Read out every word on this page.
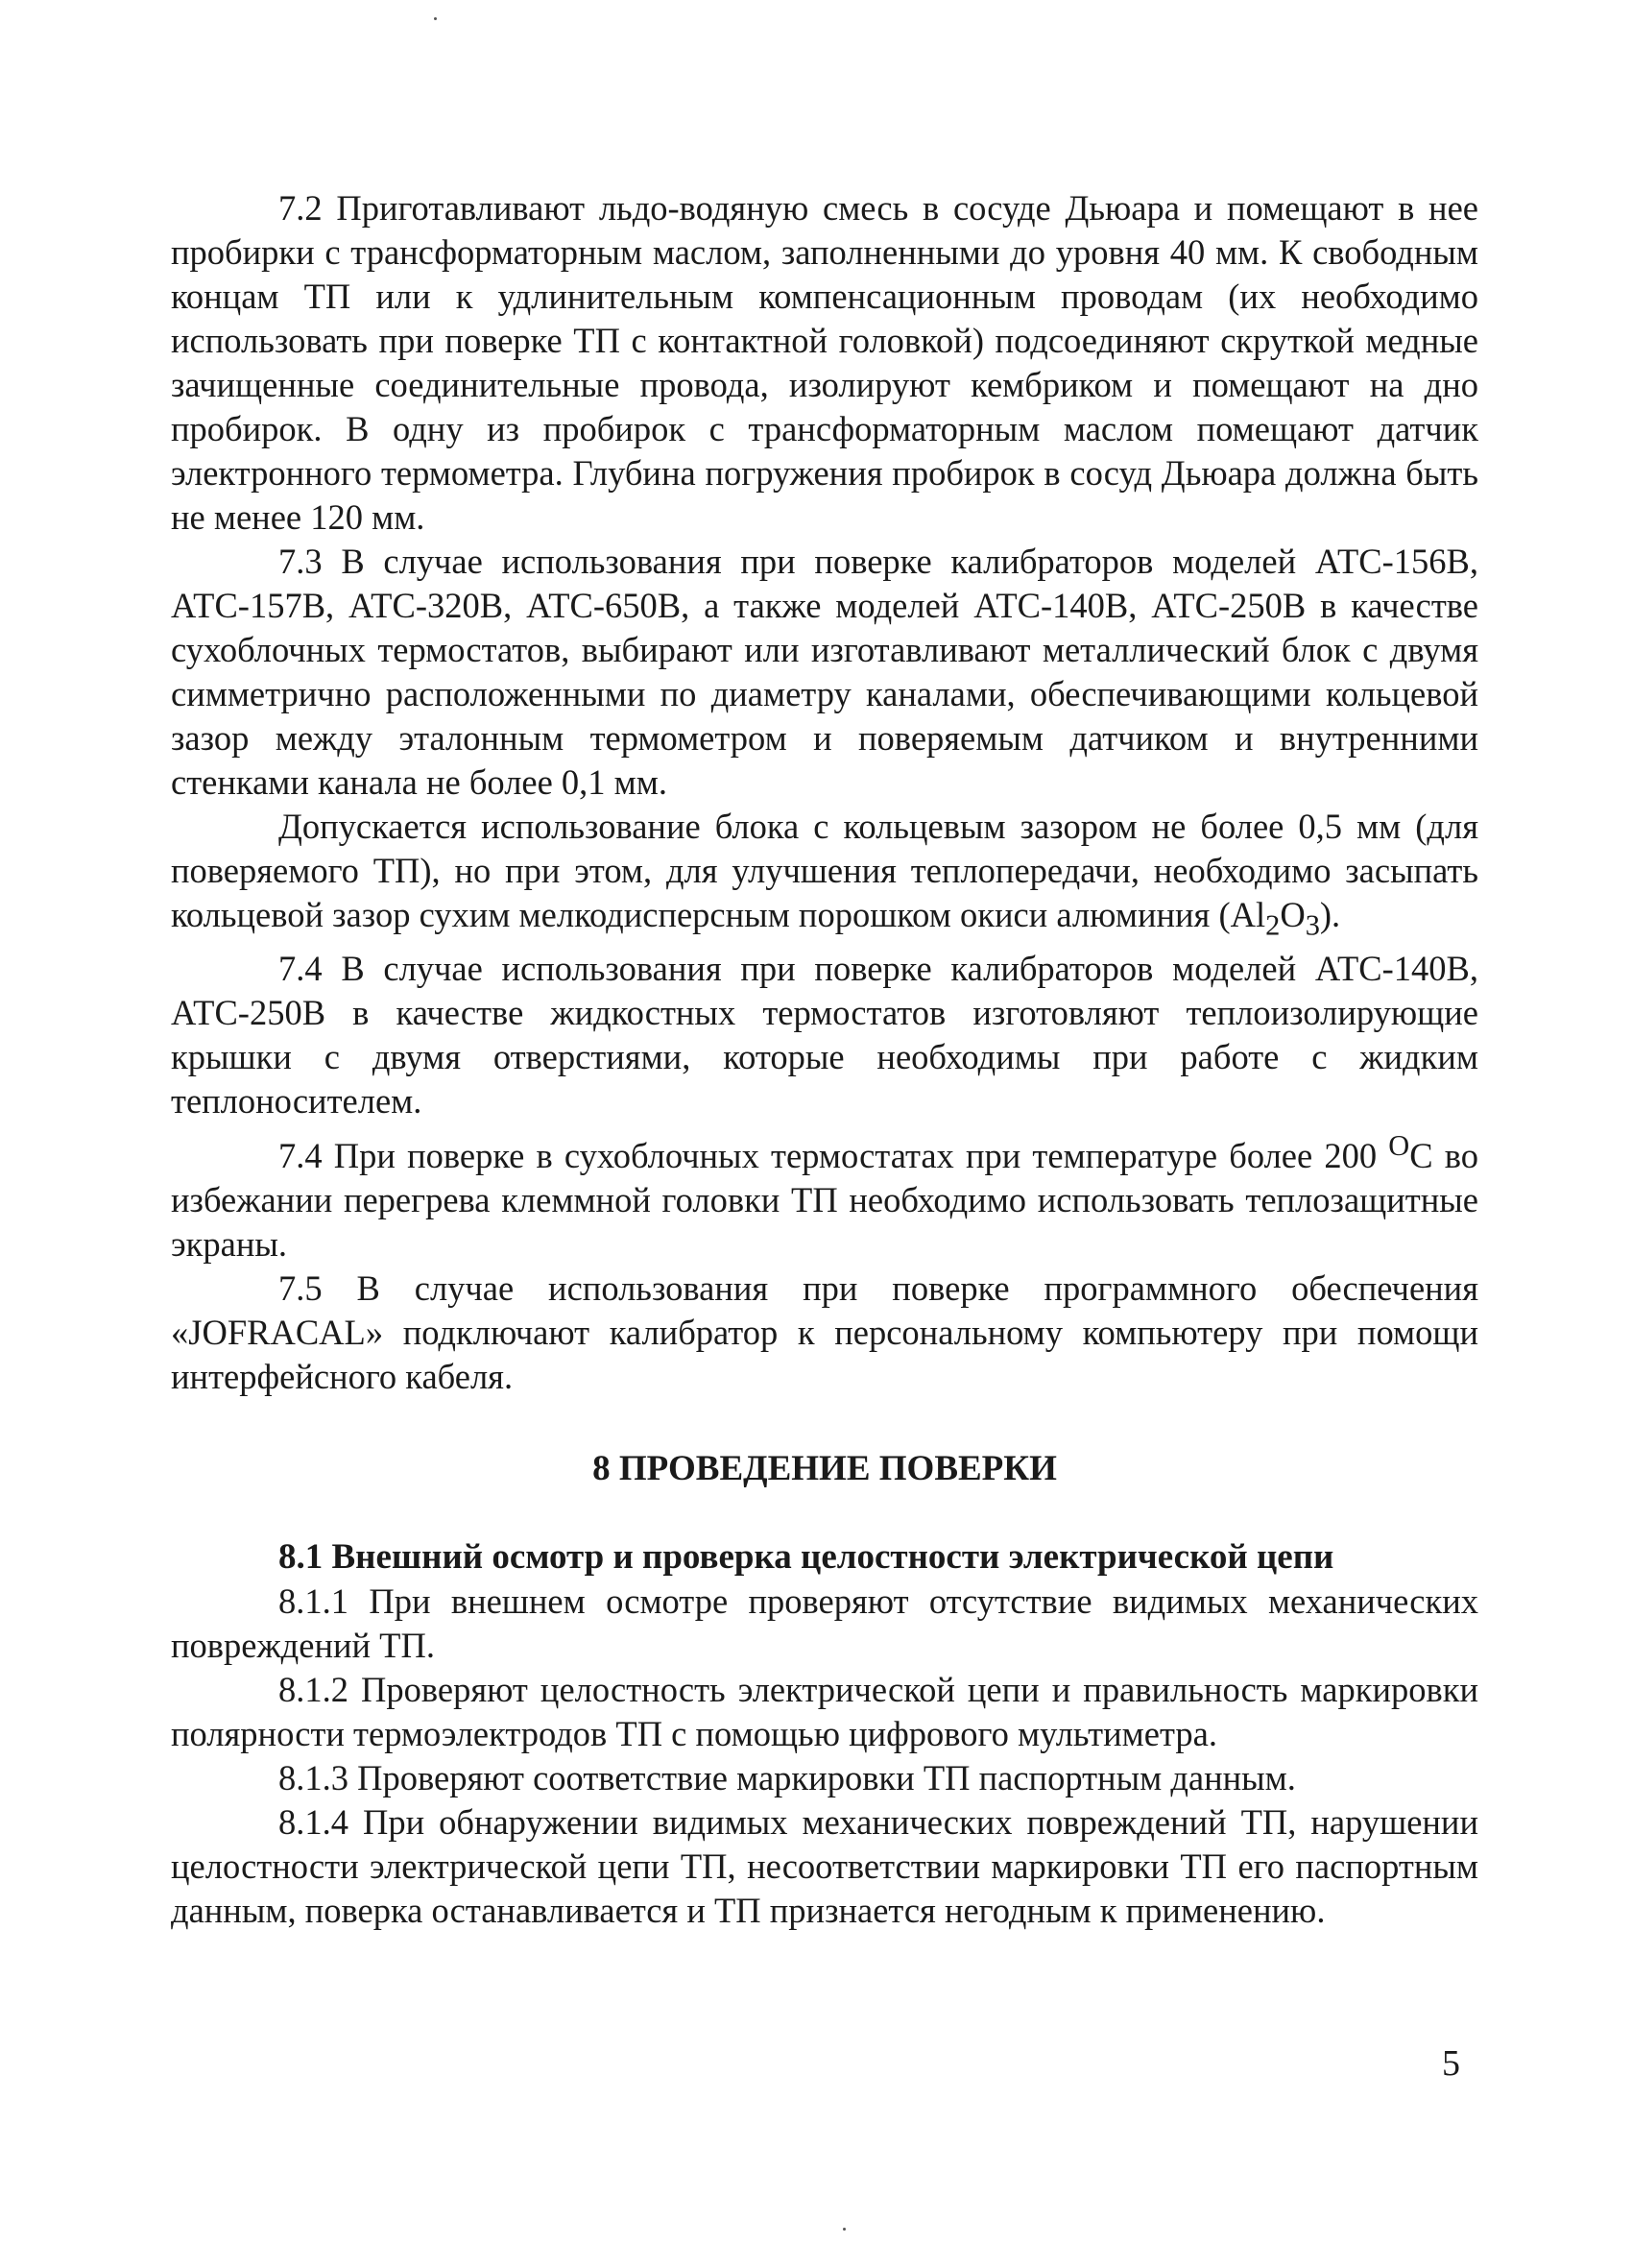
7.2 Приготавливают льдо-водяную смесь в сосуде Дьюара и помещают в нее пробирки с трансформаторным маслом, заполненными до уровня 40 мм. К свободным концам ТП или к удлинительным компенсационным проводам (их необходимо использовать при поверке ТП с контактной головкой) подсоединяют скруткой медные зачищенные соединительные провода, изолируют кембриком и помещают на дно пробирок. В одну из пробирок с трансформаторным маслом помещают датчик электронного термометра. Глубина погружения пробирок в сосуд Дьюара должна быть не менее 120 мм.

7.3 В случае использования при поверке калибраторов моделей АТС-156В, АТС-157В, АТС-320В, АТС-650В, а также моделей АТС-140В, АТС-250В в качестве сухоблочных термостатов, выбирают или изготавливают металлический блок с двумя симметрично расположенными по диаметру каналами, обеспечивающими кольцевой зазор между эталонным термометром и поверяемым датчиком и внутренними стенками канала не более 0,1 мм.

Допускается использование блока с кольцевым зазором не более 0,5 мм (для поверяемого ТП), но при этом, для улучшения теплопередачи, необходимо засыпать кольцевой зазор сухим мелкодисперсным порошком окиси алюминия $(Al_2O_3)$.

7.4 В случае использования при поверке калибраторов моделей АТС-140В, АТС-250В в качестве жидкостных термостатов изготовляют теплоизолирующие крышки с двумя отверстиями, которые необходимы при работе с жидким теплоносителем.

7.4 При поверке в сухоблочных термостатах при температуре более 200 $^O$С во избежании перегрева клеммной головки ТП необходимо использовать теплозащитные экраны.

7.5 В случае использования при поверке программного обеспечения «JOFRACAL» подключают калибратор к персональному компьютеру при помощи интерфейсного кабеля.

8 ПРОВЕДЕНИЕ ПОВЕРКИ
8.1 Внешний осмотр и проверка целостности электрической цепи

8.1.1 При внешнем осмотре проверяют отсутствие видимых механических повреждений ТП.

8.1.2 Проверяют целостность электрической цепи и правильность маркировки полярности термоэлектродов ТП с помощью цифрового мультиметра.

8.1.3 Проверяют соответствие маркировки ТП паспортным данным.

8.1.4 При обнаружении видимых механических повреждений ТП, нарушении целостности электрической цепи ТП, несоответствии маркировки ТП его паспортным данным, поверка останавливается и ТП признается негодным к применению.

5
